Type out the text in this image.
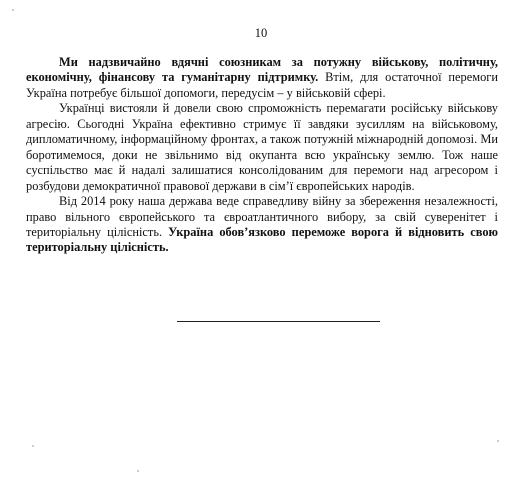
10

Ми надзвичайно вдячні союзникам за потужну військову, політичну, економічну, фінансову та гуманітарну підтримку. Втім, для остаточної перемоги Україна потребує більшої допомоги, передусім – у військовій сфері.

Українці вистояли й довели свою спроможність перемагати російську військову агресію. Сьогодні Україна ефективно стримує її завдяки зусиллям на військовому, дипломатичному, інформаційному фронтах, а також потужній міжнародній допомозі. Ми боротимемося, доки не звільнимо від окупанта всю українську землю. Тож наше суспільство має й надалі залишатися консолідованим для перемоги над агресором і розбудови демократичної правової держави в сім’ї європейських народів.

Від 2014 року наша держава веде справедливу війну за збереження незалежності, право вільного європейського та євроатлантичного вибору, за свій суверенітет і територіальну цілісність. Україна обов’язково переможе ворога й відновить свою територіальну цілісність.
